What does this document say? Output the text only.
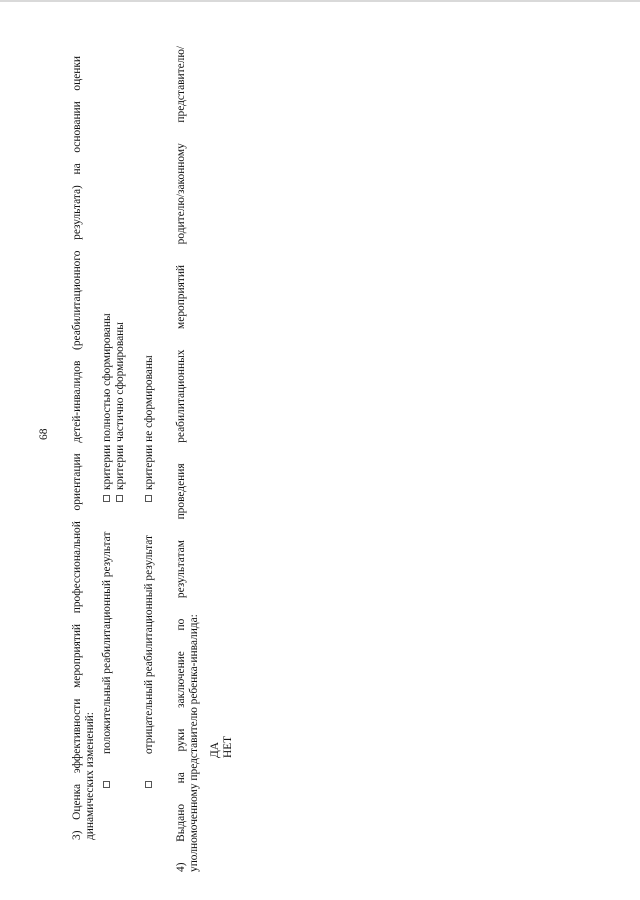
68 3) Оценка эффективности мероприятий профессиональной ориентации детей-инвалидов (реабилитационного результата) на основании оценки динамических изменений:
положительный реабилитационный результат
критерии полностью сформированы критерии частично сформированы
отрицательный реабилитационный результат
критерии не сформированы 4) Выдано на руки заключение по результатам проведения реабилитационных мероприятий родителю/законному представителю/ уполномоченному представителю ребенка-инвалида: ДА НЕТ
